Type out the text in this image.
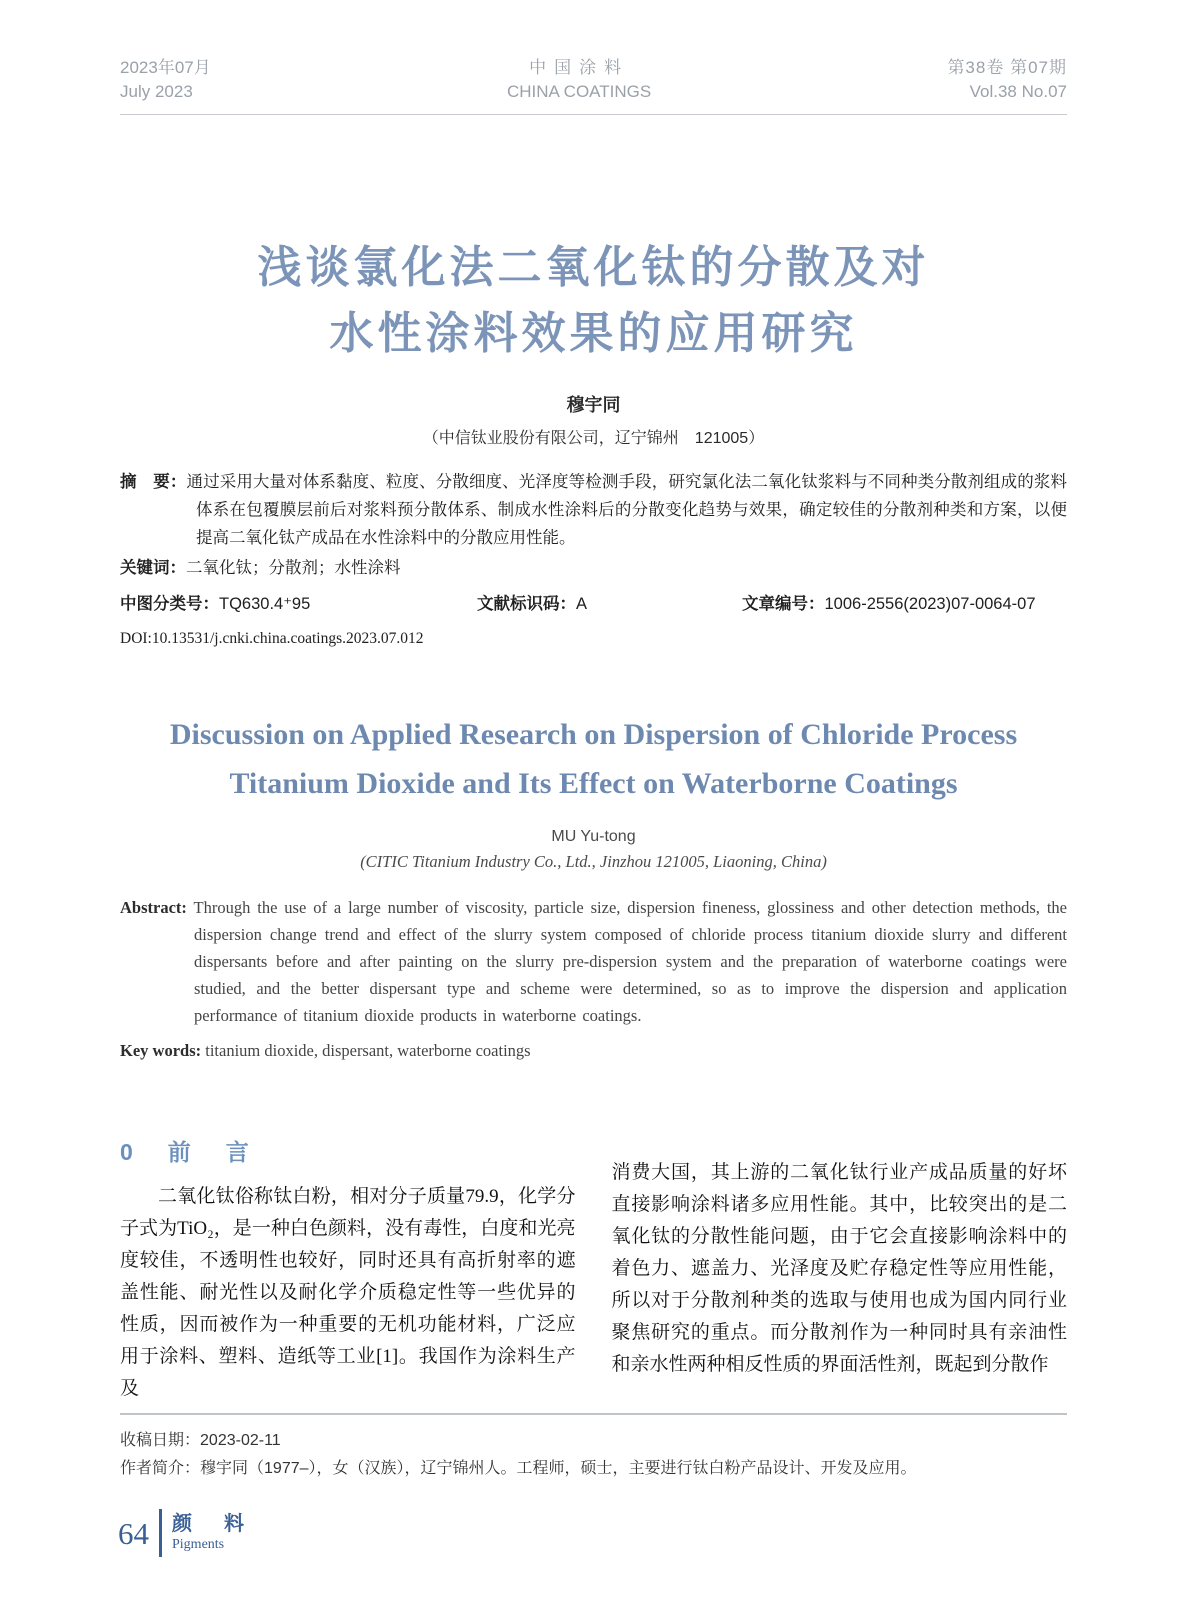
2023年07月
July 2023
中国涂料
CHINA COATINGS
第38卷 第07期
Vol.38 No.07
浅谈氯化法二氧化钛的分散及对
水性涂料效果的应用研究
穆宇同
（中信钛业股份有限公司，辽宁锦州　121005）

摘　要：通过采用大量对体系黏度、粒度、分散细度、光泽度等检测手段，研究氯化法二氧化钛浆料与不同种类分散剂组成的浆料体系在包覆膜层前后对浆料预分散体系、制成水性涂料后的分散变化趋势与效果，确定较佳的分散剂种类和方案，以便提高二氧化钛产成品在水性涂料中的分散应用性能。

关键词：二氧化钛；分散剂；水性涂料

中图分类号：TQ630.4⁺95	文献标识码：A	文章编号：1006-2556(2023)07-0064-07
DOI:10.13531/j.cnki.china.coatings.2023.07.012
Discussion on Applied Research on Dispersion of Chloride Process Titanium Dioxide and Its Effect on Waterborne Coatings
MU Yu-tong
(CITIC Titanium Industry Co., Ltd., Jinzhou 121005, Liaoning, China)

Abstract: Through the use of a large number of viscosity, particle size, dispersion fineness, glossiness and other detection methods, the dispersion change trend and effect of the slurry system composed of chloride process titanium dioxide slurry and different dispersants before and after painting on the slurry pre-dispersion system and the preparation of waterborne coatings were studied, and the better dispersant type and scheme were determined, so as to improve the dispersion and application performance of titanium dioxide products in waterborne coatings.

Key words: titanium dioxide, dispersant, waterborne coatings

0　前　言

二氧化钛俗称钛白粉，相对分子质量79.9，化学分子式为TiO₂，是一种白色颜料，没有毒性，白度和光亮度较佳，不透明性也较好，同时还具有高折射率的遮盖性能、耐光性以及耐化学介质稳定性等一些优异的性质，因而被作为一种重要的无机功能材料，广泛应用于涂料、塑料、造纸等工业[1]。我国作为涂料生产及

消费大国，其上游的二氧化钛行业产成品质量的好坏直接影响涂料诸多应用性能。其中，比较突出的是二氧化钛的分散性能问题，由于它会直接影响涂料中的着色力、遮盖力、光泽度及贮存稳定性等应用性能，所以对于分散剂种类的选取与使用也成为国内同行业聚焦研究的重点。而分散剂作为一种同时具有亲油性和亲水性两种相反性质的界面活性剂，既起到分散作

收稿日期：2023-02-11
作者简介：穆宇同（1977–），女（汉族），辽宁锦州人。工程师，硕士，主要进行钛白粉产品设计、开发及应用。
64 颜　料
Pigments
